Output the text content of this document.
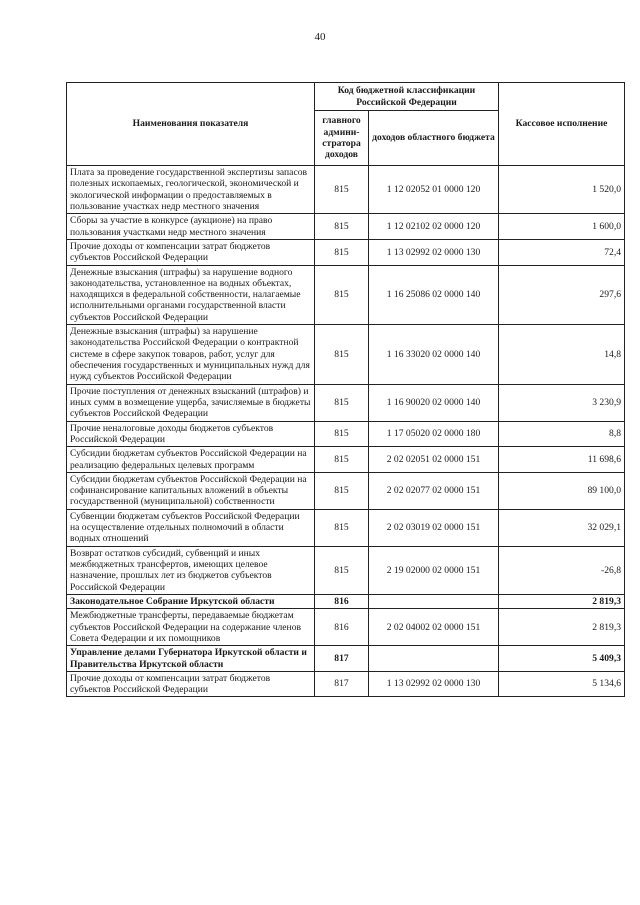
40
Наименования показателя	Код бюджетной классификации Российской Федерации		Кассовое исполнение
	главного админи-стратора доходов	доходов областного бюджета	
Плата за проведение государственной экспертизы запасов полезных ископаемых, геологической, экономической и экологической информации о предоставляемых в пользование участках недр местного значения	815	1 12 02052 01 0000 120	1 520,0
Сборы за участие в конкурсе (аукционе) на право пользования участками недр местного значения	815	1 12 02102 02 0000 120	1 600,0
Прочие доходы от компенсации затрат бюджетов субъектов Российской Федерации	815	1 13 02992 02 0000 130	72,4
Денежные взыскания (штрафы) за нарушение водного законодательства, установленное на водных объектах, находящихся в федеральной собственности, налагаемые исполнительными органами государственной власти субъектов Российской Федерации	815	1 16 25086 02 0000 140	297,6
Денежные взыскания (штрафы) за нарушение законодательства Российской Федерации о контрактной системе в сфере закупок товаров, работ, услуг для обеспечения государственных и муниципальных нужд для нужд субъектов Российской Федерации	815	1 16 33020 02 0000 140	14,8
Прочие поступления от денежных взысканий (штрафов) и иных сумм в возмещение ущерба, зачисляемые в бюджеты субъектов Российской Федерации	815	1 16 90020 02 0000 140	3 230,9
Прочие неналоговые доходы бюджетов субъектов Российской Федерации	815	1 17 05020 02 0000 180	8,8
Субсидии бюджетам субъектов Российской Федерации на реализацию федеральных целевых программ	815	2 02 02051 02 0000 151	11 698,6
Субсидии бюджетам субъектов Российской Федерации на софинансирование капитальных вложений в объекты государственной (муниципальной) собственности	815	2 02 02077 02 0000 151	89 100,0
Субвенции бюджетам субъектов Российской Федерации на осуществление отдельных полномочий в области водных отношений	815	2 02 03019 02 0000 151	32 029,1
Возврат остатков субсидий, субвенций и иных межбюджетных трансфертов, имеющих целевое назначение, прошлых лет из бюджетов субъектов Российской Федерации	815	2 19 02000 02 0000 151	-26,8
Законодательное Собрание Иркутской области	816		2 819,3
Межбюджетные трансферты, передаваемые бюджетам субъектов Российской Федерации на содержание членов Совета Федерации и их помощников	816	2 02 04002 02 0000 151	2 819,3
Управление делами Губернатора Иркутской области и Правительства Иркутской области	817		5 409,3
Прочие доходы от компенсации затрат бюджетов субъектов Российской Федерации	817	1 13 02992 02 0000 130	5 134,6
